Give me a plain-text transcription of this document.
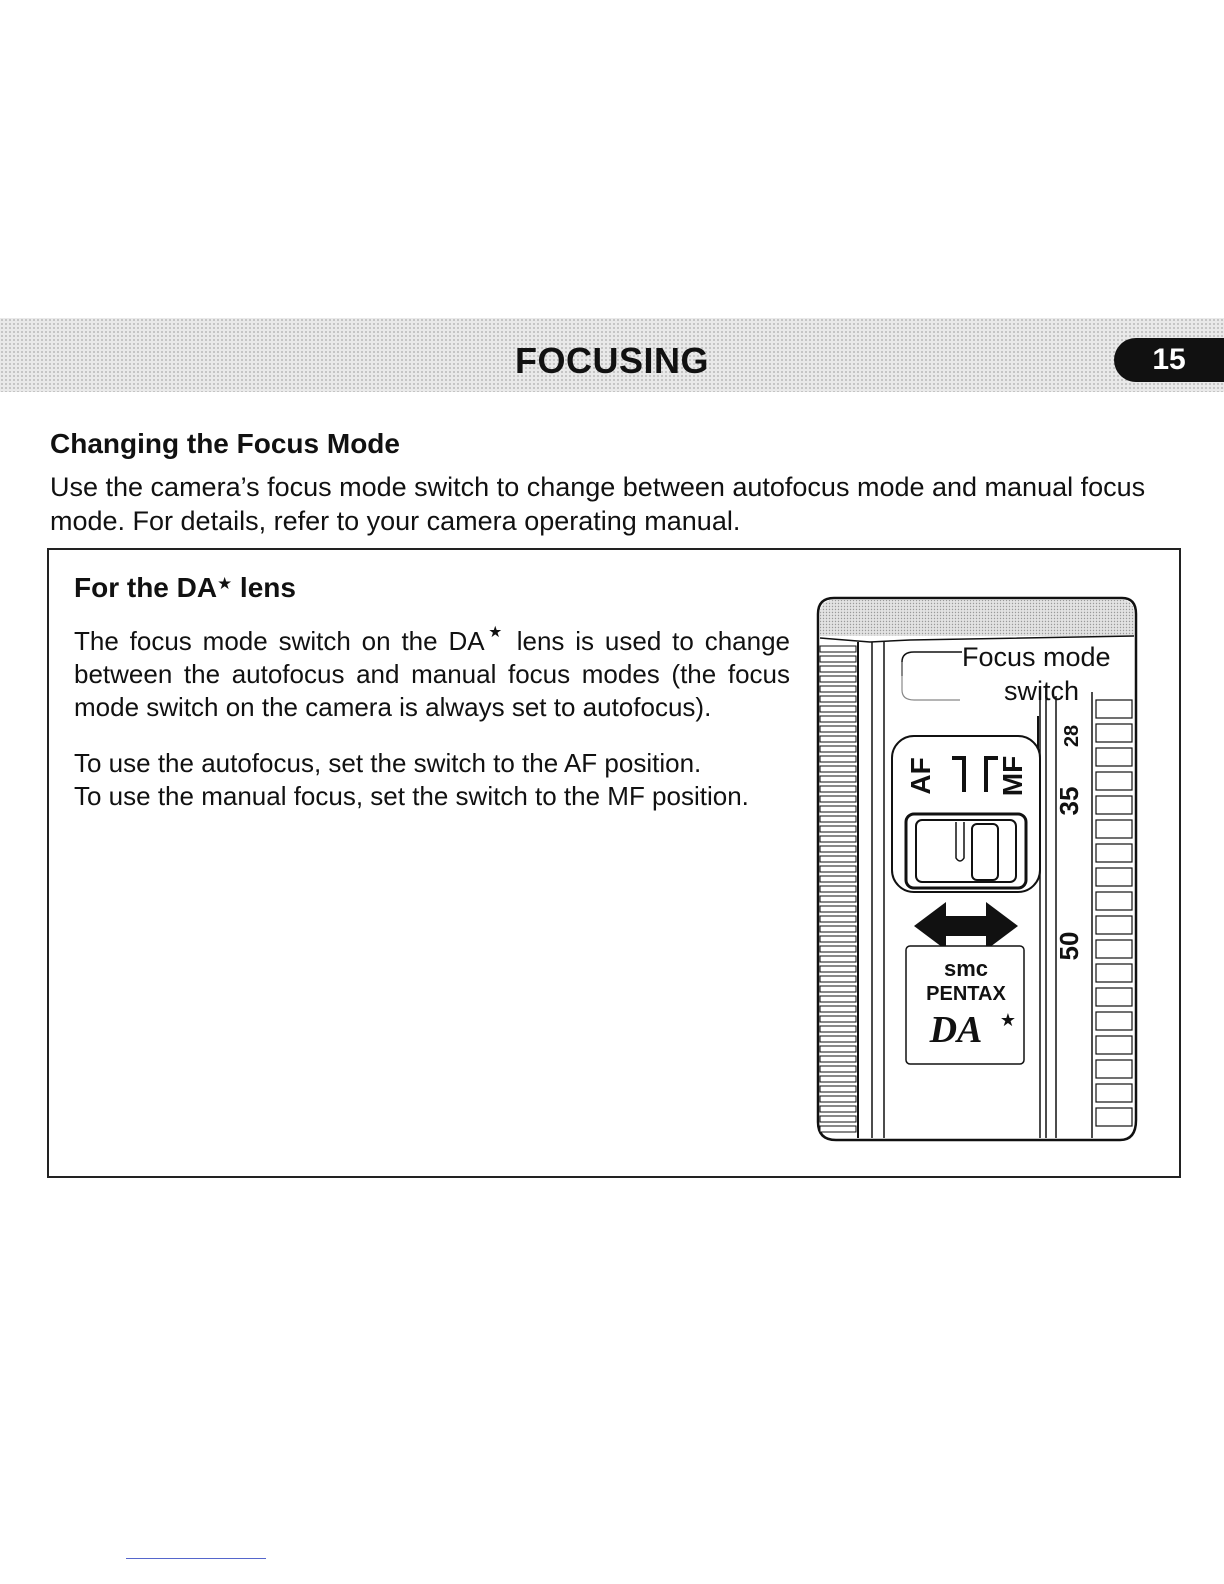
FOCUSING	15
Changing the Focus Mode
Use the camera’s focus mode switch to change between autofocus mode and manual focus mode. For details, refer to your camera operating manual.
For the DA★ lens
The focus mode switch on the DA★ lens is used to change between the autofocus and manual focus modes (the focus mode switch on the camera is always set to autofocus).
To use the autofocus, set the switch to the AF position.
To use the manual focus, set the switch to the MF position.
28
35
50
Focus mode
switch
AF MF
smc
PENTAX
DA ★
